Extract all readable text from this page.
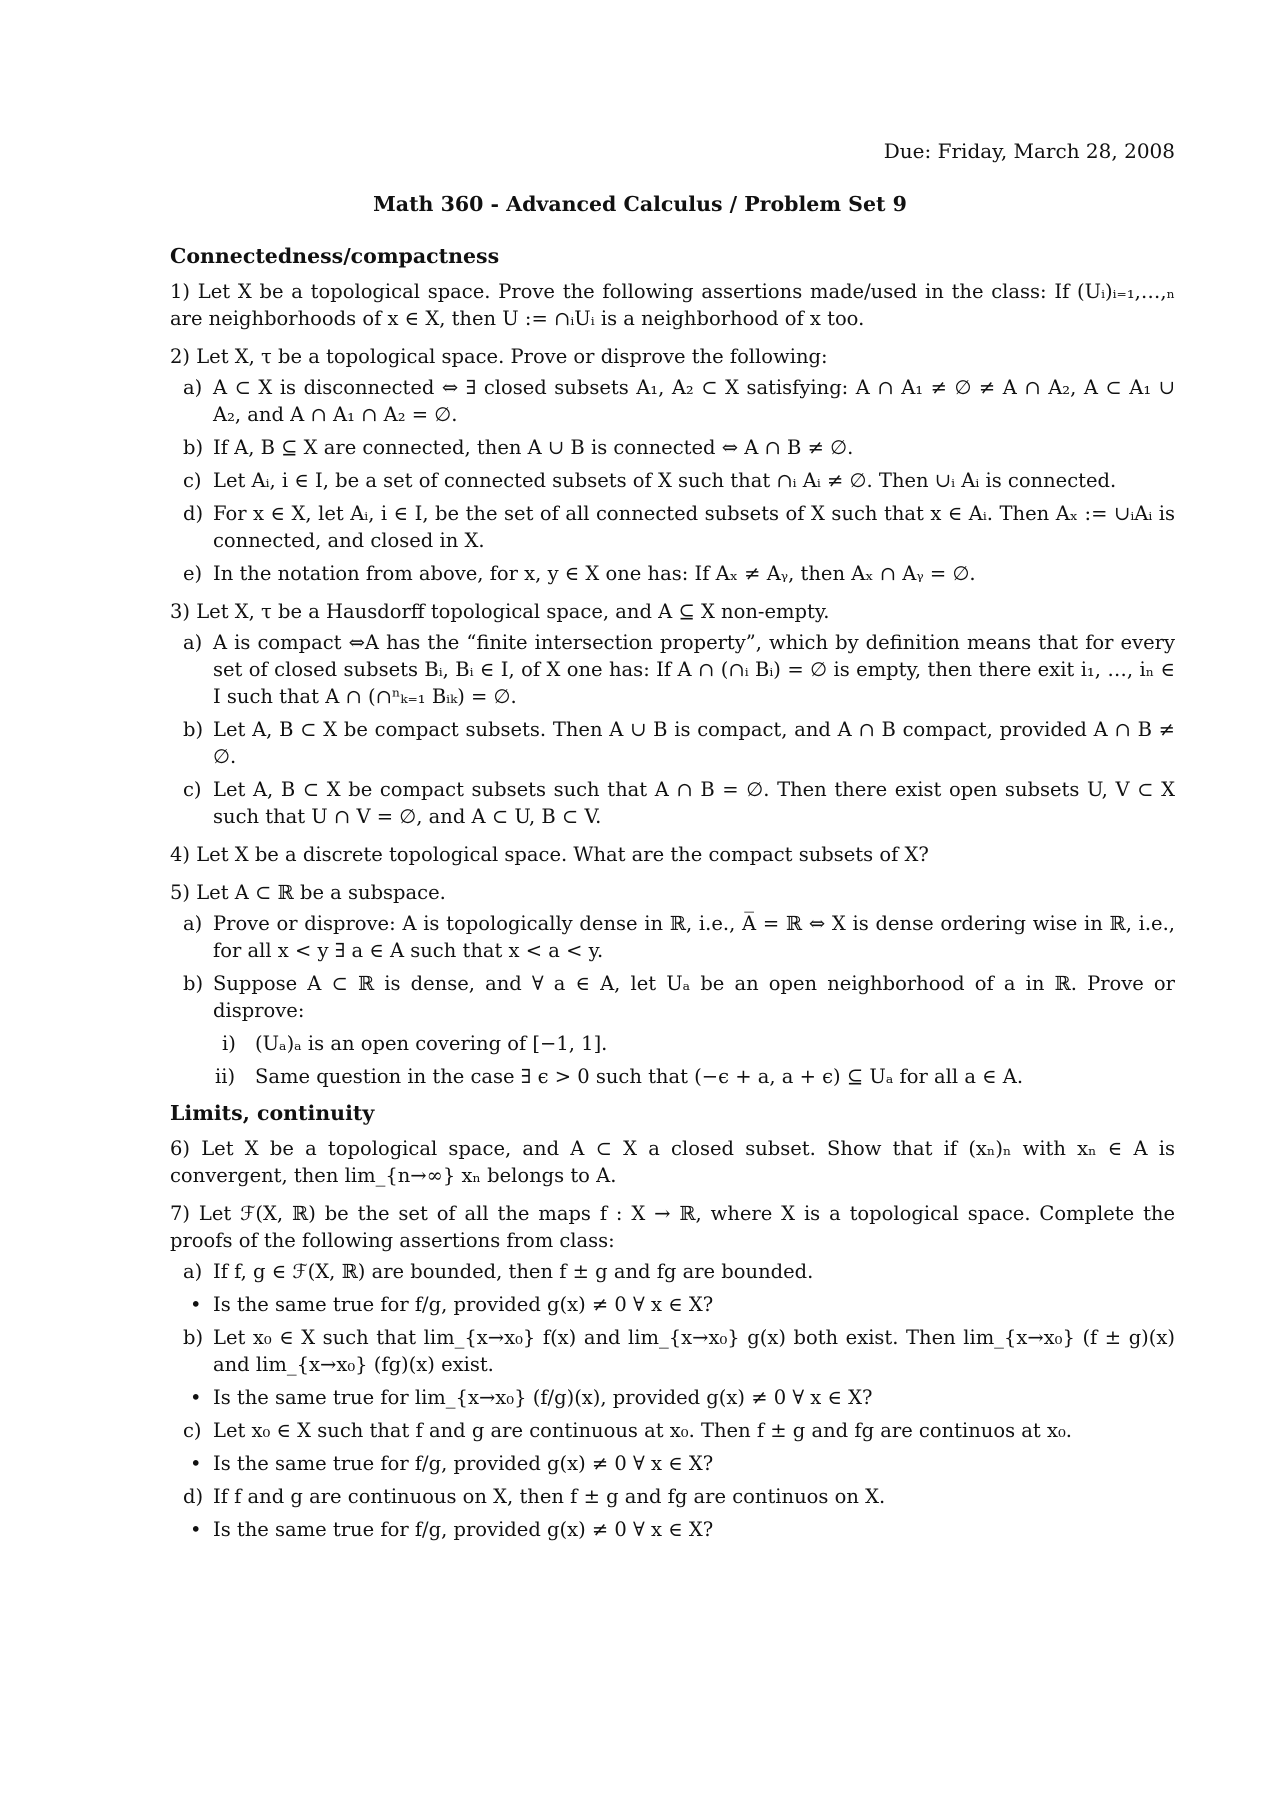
Due: Friday, March 28, 2008
Math 360 - Advanced Calculus / Problem Set 9
Connectedness/compactness
1) Let X be a topological space. Prove the following assertions made/used in the class: If (Uᵢ)ᵢ₌₁,…,ₙ are neighborhoods of x ∈ X, then U := ∩ᵢUᵢ is a neighborhood of x too.
2) Let X, τ be a topological space. Prove or disprove the following:
a) A ⊂ X is disconnected ⇔ ∃ closed subsets A₁, A₂ ⊂ X satisfying: A ∩ A₁ ≠ ∅ ≠ A ∩ A₂, A ⊂ A₁ ∪ A₂, and A ∩ A₁ ∩ A₂ = ∅.
b) If A, B ⊆ X are connected, then A ∪ B is connected ⇔ A ∩ B ≠ ∅.
c) Let Aᵢ, i ∈ I, be a set of connected subsets of X such that ∩ᵢ Aᵢ ≠ ∅. Then ∪ᵢ Aᵢ is connected.
d) For x ∈ X, let Aᵢ, i ∈ I, be the set of all connected subsets of X such that x ∈ Aᵢ. Then Aₓ := ∪ᵢAᵢ is connected, and closed in X.
e) In the notation from above, for x, y ∈ X one has: If Aₓ ≠ Aᵧ, then Aₓ ∩ Aᵧ = ∅.
3) Let X, τ be a Hausdorff topological space, and A ⊆ X non-empty.
a) A is compact ⇔A has the “finite intersection property”, which by definition means that for every set of closed subsets Bᵢ, Bᵢ ∈ I, of X one has: If A ∩ (∩ᵢ Bᵢ) = ∅ is empty, then there exit i₁, …, iₙ ∈ I such that A ∩ (∩ⁿₖ₌₁ Bᵢₖ) = ∅.
b) Let A, B ⊂ X be compact subsets. Then A ∪ B is compact, and A ∩ B compact, provided A ∩ B ≠ ∅.
c) Let A, B ⊂ X be compact subsets such that A ∩ B = ∅. Then there exist open subsets U, V ⊂ X such that U ∩ V = ∅, and A ⊂ U, B ⊂ V.
4) Let X be a discrete topological space. What are the compact subsets of X?
5) Let A ⊂ ℝ be a subspace.
a) Prove or disprove: A is topologically dense in ℝ, i.e., A̅ = ℝ ⇔ X is dense ordering wise in ℝ, i.e., for all x < y ∃ a ∈ A such that x < a < y.
b) Suppose A ⊂ ℝ is dense, and ∀ a ∈ A, let Uₐ be an open neighborhood of a in ℝ. Prove or disprove:
i) (Uₐ)ₐ is an open covering of [−1, 1].
ii) Same question in the case ∃ ϵ > 0 such that (−ϵ + a, a + ϵ) ⊆ Uₐ for all a ∈ A.
Limits, continuity
6) Let X be a topological space, and A ⊂ X a closed subset. Show that if (xₙ)ₙ with xₙ ∈ A is convergent, then lim_{n→∞} xₙ belongs to A.
7) Let ℱ(X, ℝ) be the set of all the maps f : X → ℝ, where X is a topological space. Complete the proofs of the following assertions from class:
a) If f, g ∈ ℱ(X, ℝ) are bounded, then f ± g and fg are bounded.
• Is the same true for f/g, provided g(x) ≠ 0 ∀ x ∈ X?
b) Let x₀ ∈ X such that lim_{x→x₀} f(x) and lim_{x→x₀} g(x) both exist. Then lim_{x→x₀} (f ± g)(x) and lim_{x→x₀} (fg)(x) exist.
• Is the same true for lim_{x→x₀} (f/g)(x), provided g(x) ≠ 0 ∀ x ∈ X?
c) Let x₀ ∈ X such that f and g are continuous at x₀. Then f ± g and fg are continuos at x₀.
• Is the same true for f/g, provided g(x) ≠ 0 ∀ x ∈ X?
d) If f and g are continuous on X, then f ± g and fg are continuos on X.
• Is the same true for f/g, provided g(x) ≠ 0 ∀ x ∈ X?
